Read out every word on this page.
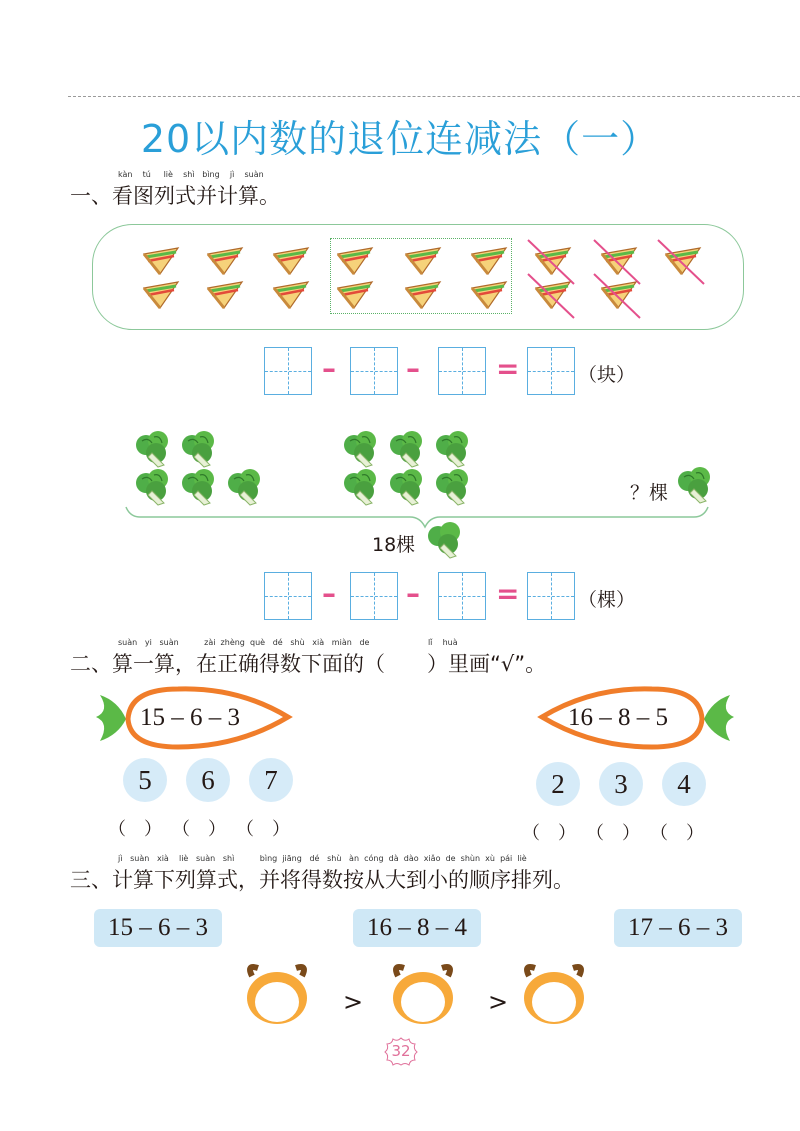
20以内数的退位连减法（一）
kàn tú liè shì bìng jì suàn
一、看图列式并计算。
–	–	=	（块）
？棵
18棵
–	–	=	（棵）
suàn yi suàn	zài zhèng què dé shù xià miàn de	lǐ huà
二、算一算，在正确得数下面的（　　）里画“√”。
15 – 6 – 3	16 – 8 – 5
5	6	7
（　） （　） （　）
2	3	4
（　） （　） （　）
jì suàn xià liè suàn shì	bìng jiāng dé shù àn cóng dà dào xiǎo de shùn xù pái liè
三、计算下列算式，并将得数按从大到小的顺序排列。
15 – 6 – 3	16 – 8 – 4	17 – 6 – 3
>	>
32
